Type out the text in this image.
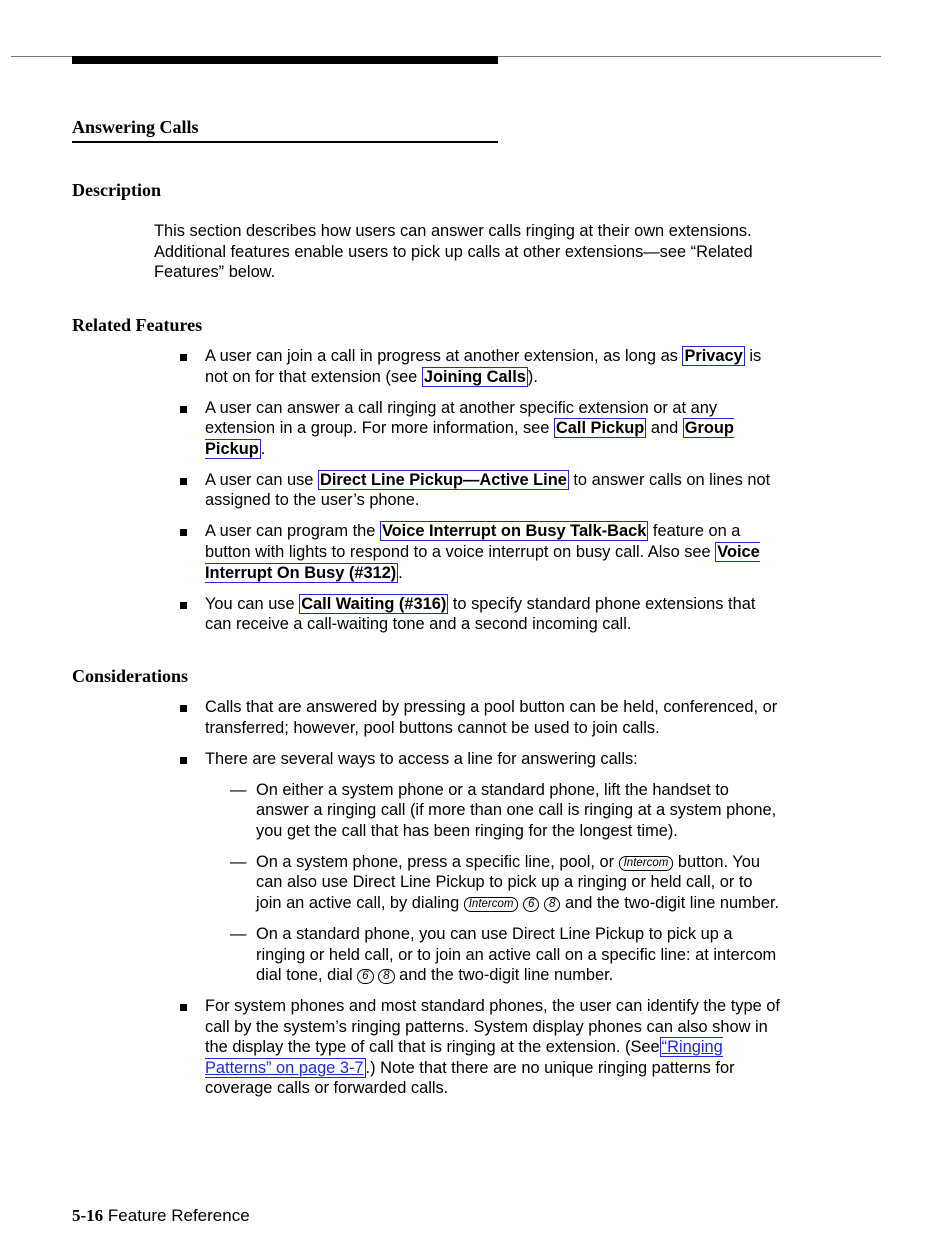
Answering Calls
Description
This section describes how users can answer calls ringing at their own extensions. Additional features enable users to pick up calls at other extensions—see “Related Features” below.
Related Features
A user can join a call in progress at another extension, as long as Privacy is not on for that extension (see Joining Calls ).
A user can answer a call ringing at another specific extension or at any extension in a group. For more information, see Call Pickup and Group Pickup .
A user can use Direct Line Pickup—Active Line to answer calls on lines not assigned to the user’s phone.
A user can program the Voice Interrupt on Busy Talk-Back feature on a button with lights to respond to a voice interrupt on busy call. Also see Voice Interrupt On Busy (#312) .
You can use Call Waiting (#316) to specify standard phone extensions that can receive a call-waiting tone and a second incoming call.
Considerations
Calls that are answered by pressing a pool button can be held, conferenced, or transferred; however, pool buttons cannot be used to join calls.
There are several ways to access a line for answering calls:
— On either a system phone or a standard phone, lift the handset to answer a ringing call (if more than one call is ringing at a system phone, you get the call that has been ringing for the longest time).
— On a system phone, press a specific line, pool, or Intercom button. You can also use Direct Line Pickup to pick up a ringing or held call, or to join an active call, by dialing Intercom 6 8 and the two-digit line number.
— On a standard phone, you can use Direct Line Pickup to pick up a ringing or held call, or to join an active call on a specific line: at intercom dial tone, dial 6 8 and the two-digit line number.
For system phones and most standard phones, the user can identify the type of call by the system’s ringing patterns. System display phones can also show in the display the type of call that is ringing at the extension. (See “Ringing Patterns” on page 3-7 .) Note that there are no unique ringing patterns for coverage calls or forwarded calls.
5-16 Feature Reference
